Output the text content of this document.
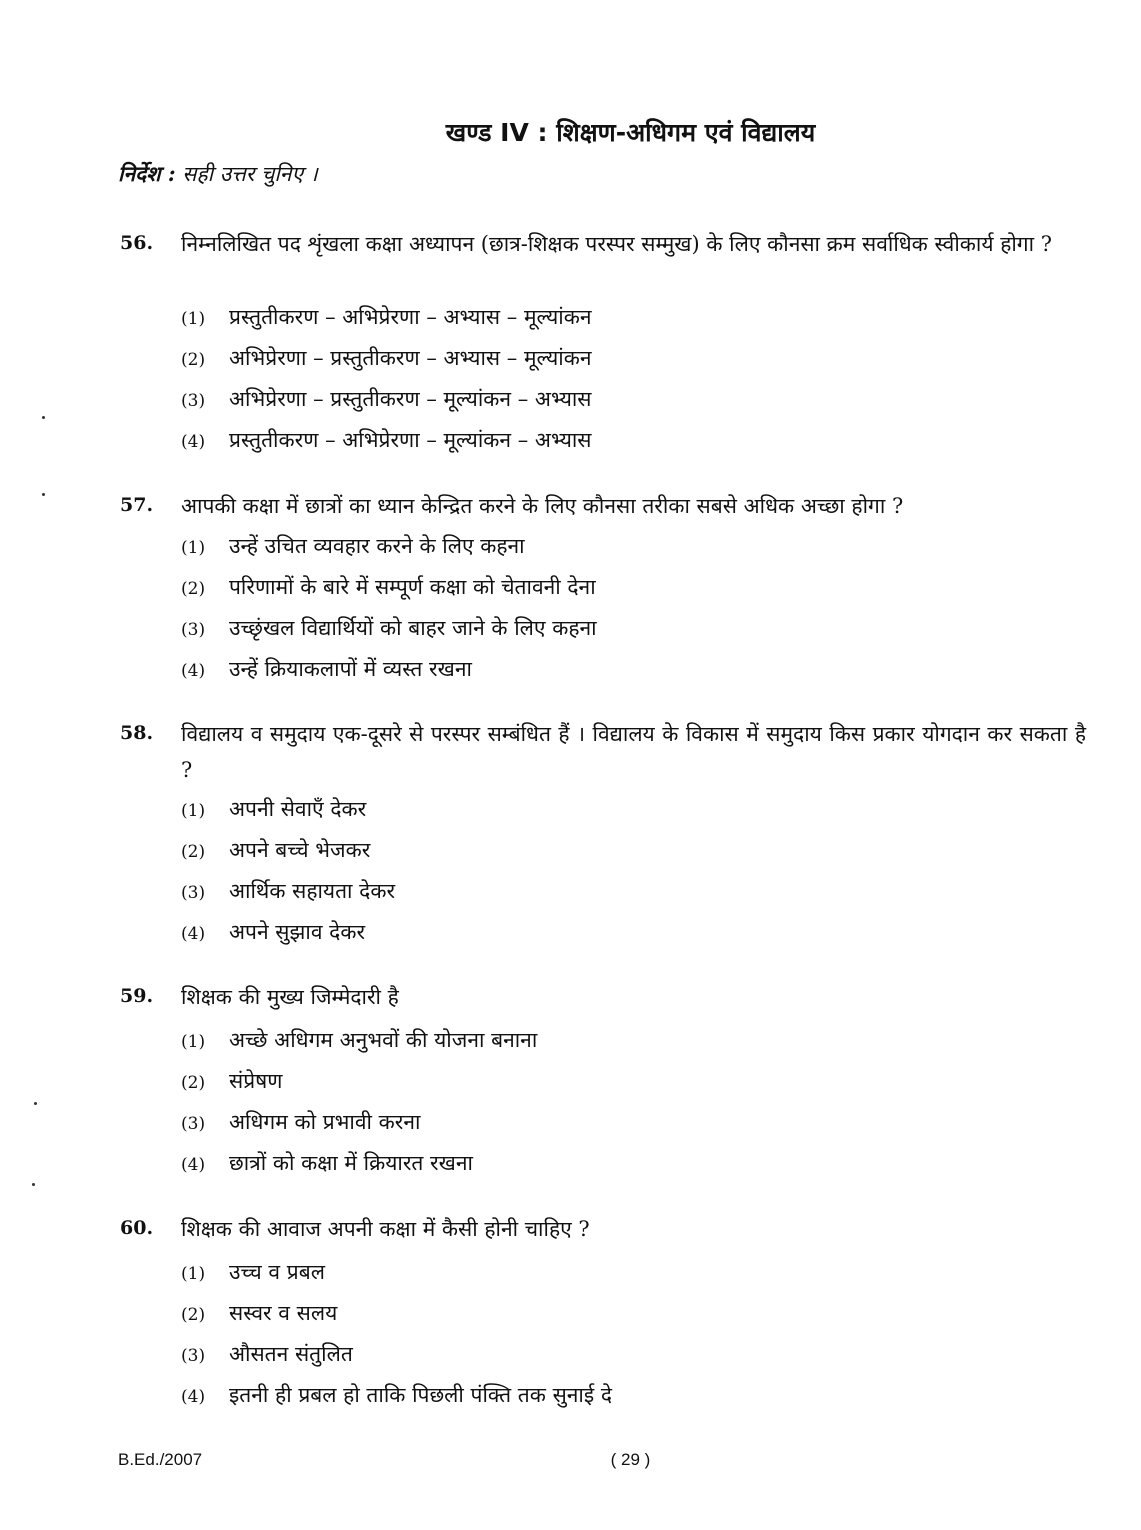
खण्ड IV : शिक्षण-अधिगम एवं विद्यालय
निर्देश : सही उत्तर चुनिए ।
56. निम्नलिखित पद शृंखला कक्षा अध्यापन (छात्र-शिक्षक परस्पर सम्मुख) के लिए कौनसा क्रम सर्वाधिक स्वीकार्य होगा ?
(1) प्रस्तुतीकरण – अभिप्रेरणा – अभ्यास – मूल्यांकन
(2) अभिप्रेरणा – प्रस्तुतीकरण – अभ्यास – मूल्यांकन
(3) अभिप्रेरणा – प्रस्तुतीकरण – मूल्यांकन – अभ्यास
(4) प्रस्तुतीकरण – अभिप्रेरणा – मूल्यांकन – अभ्यास
57. आपकी कक्षा में छात्रों का ध्यान केन्द्रित करने के लिए कौनसा तरीका सबसे अधिक अच्छा होगा ?
(1) उन्हें उचित व्यवहार करने के लिए कहना
(2) परिणामों के बारे में सम्पूर्ण कक्षा को चेतावनी देना
(3) उच्छृंखल विद्यार्थियों को बाहर जाने के लिए कहना
(4) उन्हें क्रियाकलापों में व्यस्त रखना
58. विद्यालय व समुदाय एक-दूसरे से परस्पर सम्बंधित हैं । विद्यालय के विकास में समुदाय किस प्रकार योगदान कर सकता है ?
(1) अपनी सेवाएँ देकर
(2) अपने बच्चे भेजकर
(3) आर्थिक सहायता देकर
(4) अपने सुझाव देकर
59. शिक्षक की मुख्य जिम्मेदारी है
(1) अच्छे अधिगम अनुभवों की योजना बनाना
(2) संप्रेषण
(3) अधिगम को प्रभावी करना
(4) छात्रों को कक्षा में क्रियारत रखना
60. शिक्षक की आवाज अपनी कक्षा में कैसी होनी चाहिए ?
(1) उच्च व प्रबल
(2) सस्वर व सलय
(3) औसतन संतुलित
(4) इतनी ही प्रबल हो ताकि पिछली पंक्ति तक सुनाई दे
B.Ed./2007	( 29 )
